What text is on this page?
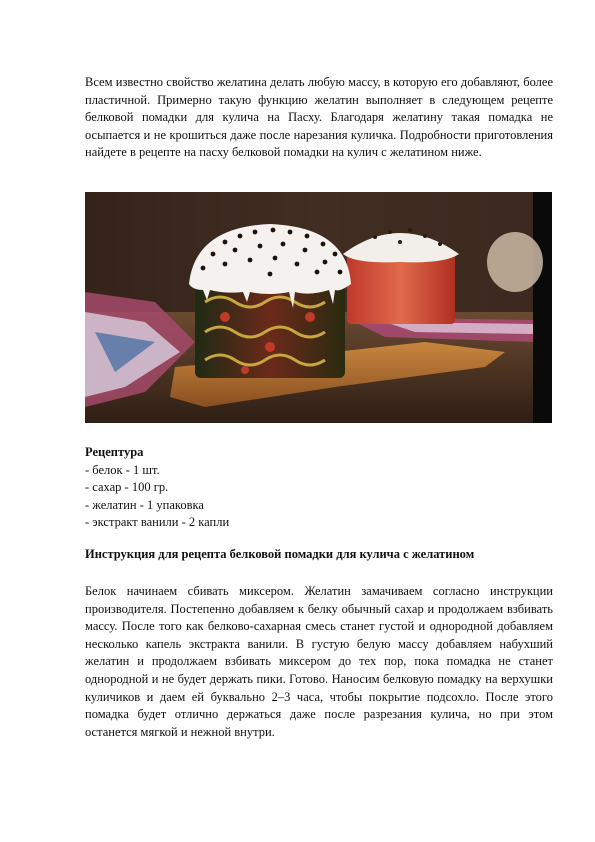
Всем известно свойство желатина делать любую массу, в которую его добавляют, более пластичной. Примерно такую функцию желатин выполняет в следующем рецепте белковой помадки для кулича на Пасху. Благодаря желатину такая помадка не осыпается и не крошиться даже после нарезания куличка. Подробности приготовления найдете в рецепте на пасху белковой помадки на кулич с желатином ниже.

Рецептура
- белок - 1 шт.
- сахар - 100 гр.
- желатин - 1 упаковка
- экстракт ванили - 2 капли
Инструкция для рецепта белковой помадки для кулича с желатином

Белок начинаем сбивать миксером. Желатин замачиваем согласно инструкции производителя. Постепенно добавляем к белку обычный сахар и продолжаем взбивать массу. После того как белково-сахарная смесь станет густой и однородной добавляем несколько капель экстракта ванили. В густую белую массу добавляем набухший желатин и продолжаем взбивать миксером до тех пор, пока помадка не станет однородной и не будет держать пики. Готово. Наносим белковую помадку на верхушки куличиков и даем ей буквально 2–3 часа, чтобы покрытие подсохло. После этого помадка будет отлично держаться даже после разрезания кулича, но при этом останется мягкой и нежной внутри.
